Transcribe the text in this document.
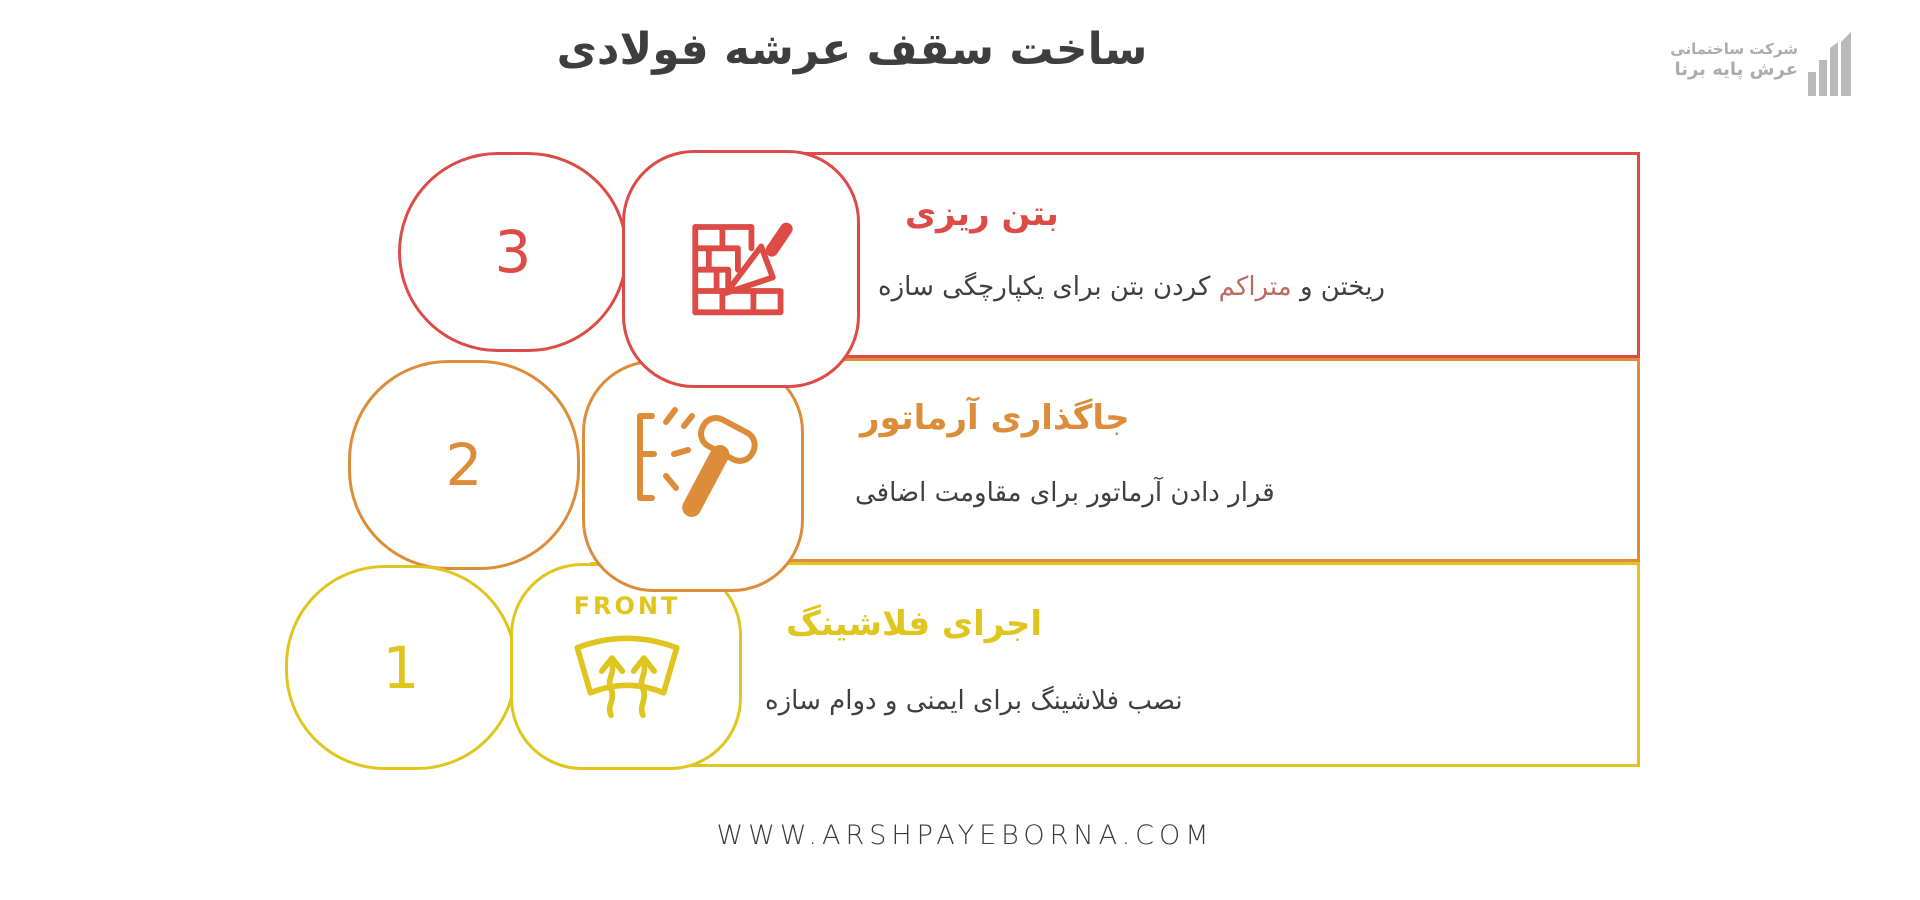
ساخت سقف عرشه فولادی	شرکت ساختمانی
عرش پایه برنا
3
2
1
FRONT
بتن ریزی
ریختن و متراکم کردن بتن برای یکپارچگی سازه
جاگذاری آرماتور
قرار دادن آرماتور برای مقاومت اضافی
اجرای فلاشینگ
نصب فلاشینگ برای ایمنی و دوام سازه
WWW.ARSHPAYEBORNA.COM
